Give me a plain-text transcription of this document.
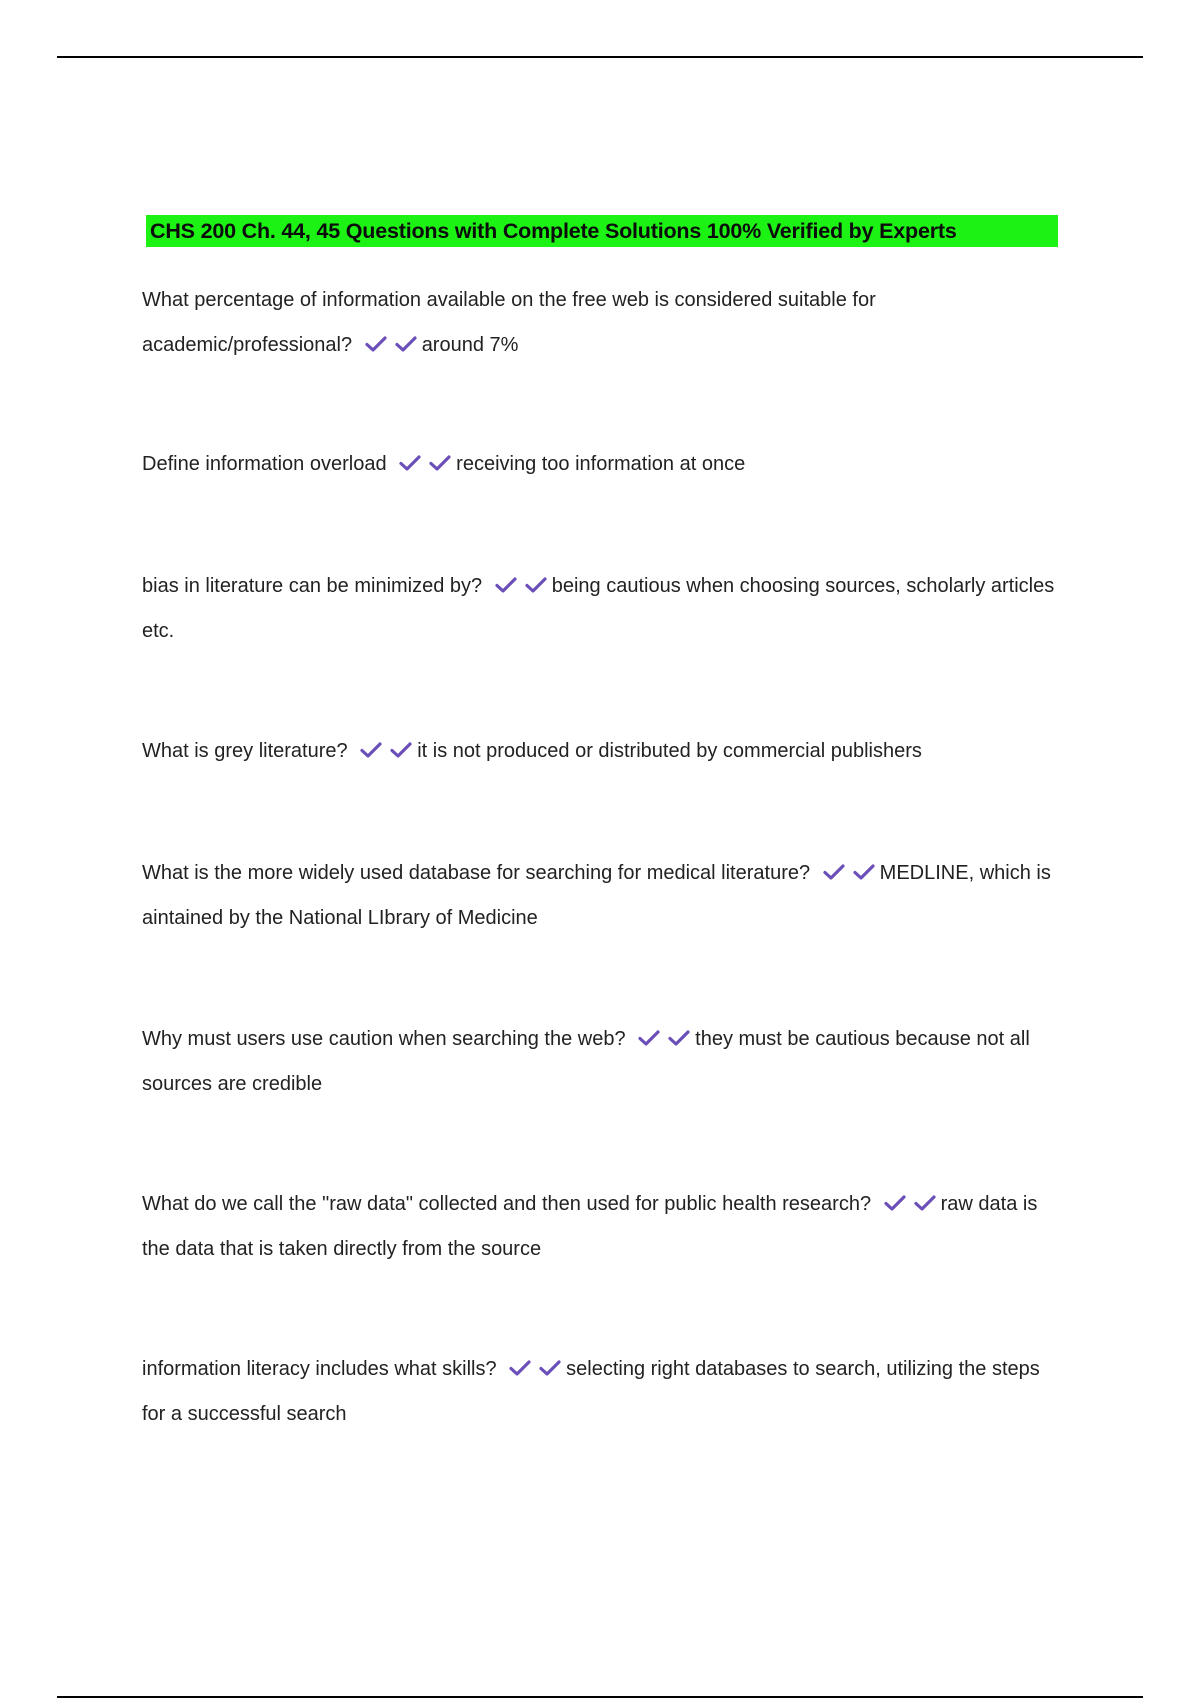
CHS 200 Ch. 44, 45 Questions with Complete Solutions 100% Verified by Experts

What percentage of information available on the free web is considered suitable for academic/professional?	around 7%

Define information overload	receiving too information at once

bias in literature can be minimized by?	being cautious when choosing sources, scholarly articles etc.

What is grey literature?	it is not produced or distributed by commercial publishers

What is the more widely used database for searching for medical literature?	MEDLINE, which is aintained by the National LIbrary of Medicine

Why must users use caution when searching the web?	they must be cautious because not all sources are credible

What do we call the "raw data" collected and then used for public health research?	raw data is the data that is taken directly from the source

information literacy includes what skills?	selecting right databases to search, utilizing the steps for a successful search
